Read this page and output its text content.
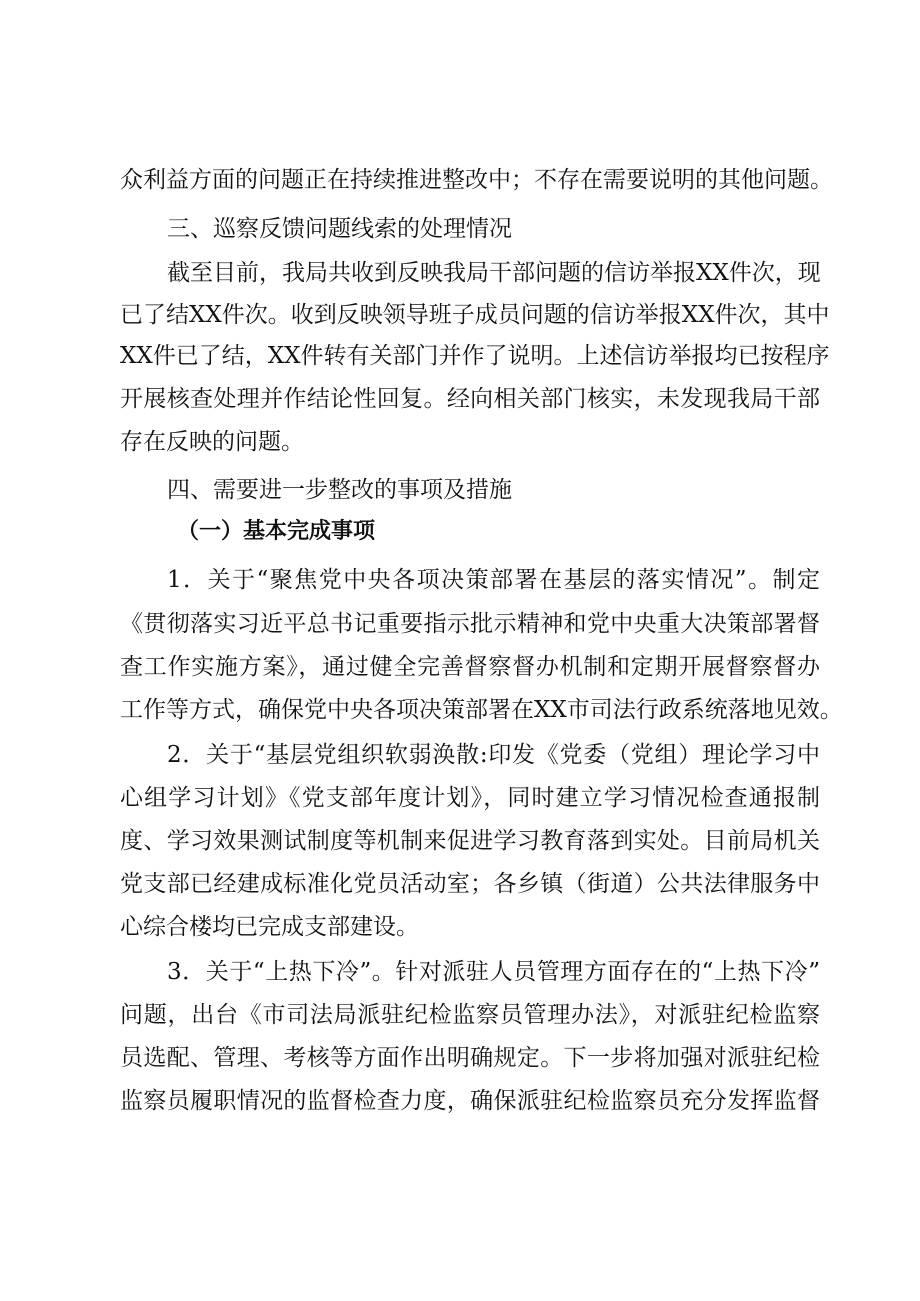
众利益方面的问题正在持续推进整改中；不存在需要说明的其他问题。
三、巡察反馈问题线索的处理情况
截至目前，我局共收到反映我局干部问题的信访举报XX件次，现
已了结XX件次。收到反映领导班子成员问题的信访举报XX件次，其中
XX件已了结，XX件转有关部门并作了说明。上述信访举报均已按程序
开展核查处理并作结论性回复。经向相关部门核实，未发现我局干部
存在反映的问题。
四、需要进一步整改的事项及措施
（一）基本完成事项
1．关于“聚焦党中央各项决策部署在基层的落实情况”。制定
《贯彻落实习近平总书记重要指示批示精神和党中央重大决策部署督
查工作实施方案》，通过健全完善督察督办机制和定期开展督察督办
工作等方式，确保党中央各项决策部署在XX市司法行政系统落地见效。
2．关于“基层党组织软弱涣散:印发《党委（党组）理论学习中
心组学习计划》《党支部年度计划》，同时建立学习情况检查通报制
度、学习效果测试制度等机制来促进学习教育落到实处。目前局机关
党支部已经建成标准化党员活动室；各乡镇（街道）公共法律服务中
心综合楼均已完成支部建设。
3．关于“上热下冷”。针对派驻人员管理方面存在的“上热下冷”
问题，出台《市司法局派驻纪检监察员管理办法》，对派驻纪检监察
员选配、管理、考核等方面作出明确规定。下一步将加强对派驻纪检
监察员履职情况的监督检查力度，确保派驻纪检监察员充分发挥监督
